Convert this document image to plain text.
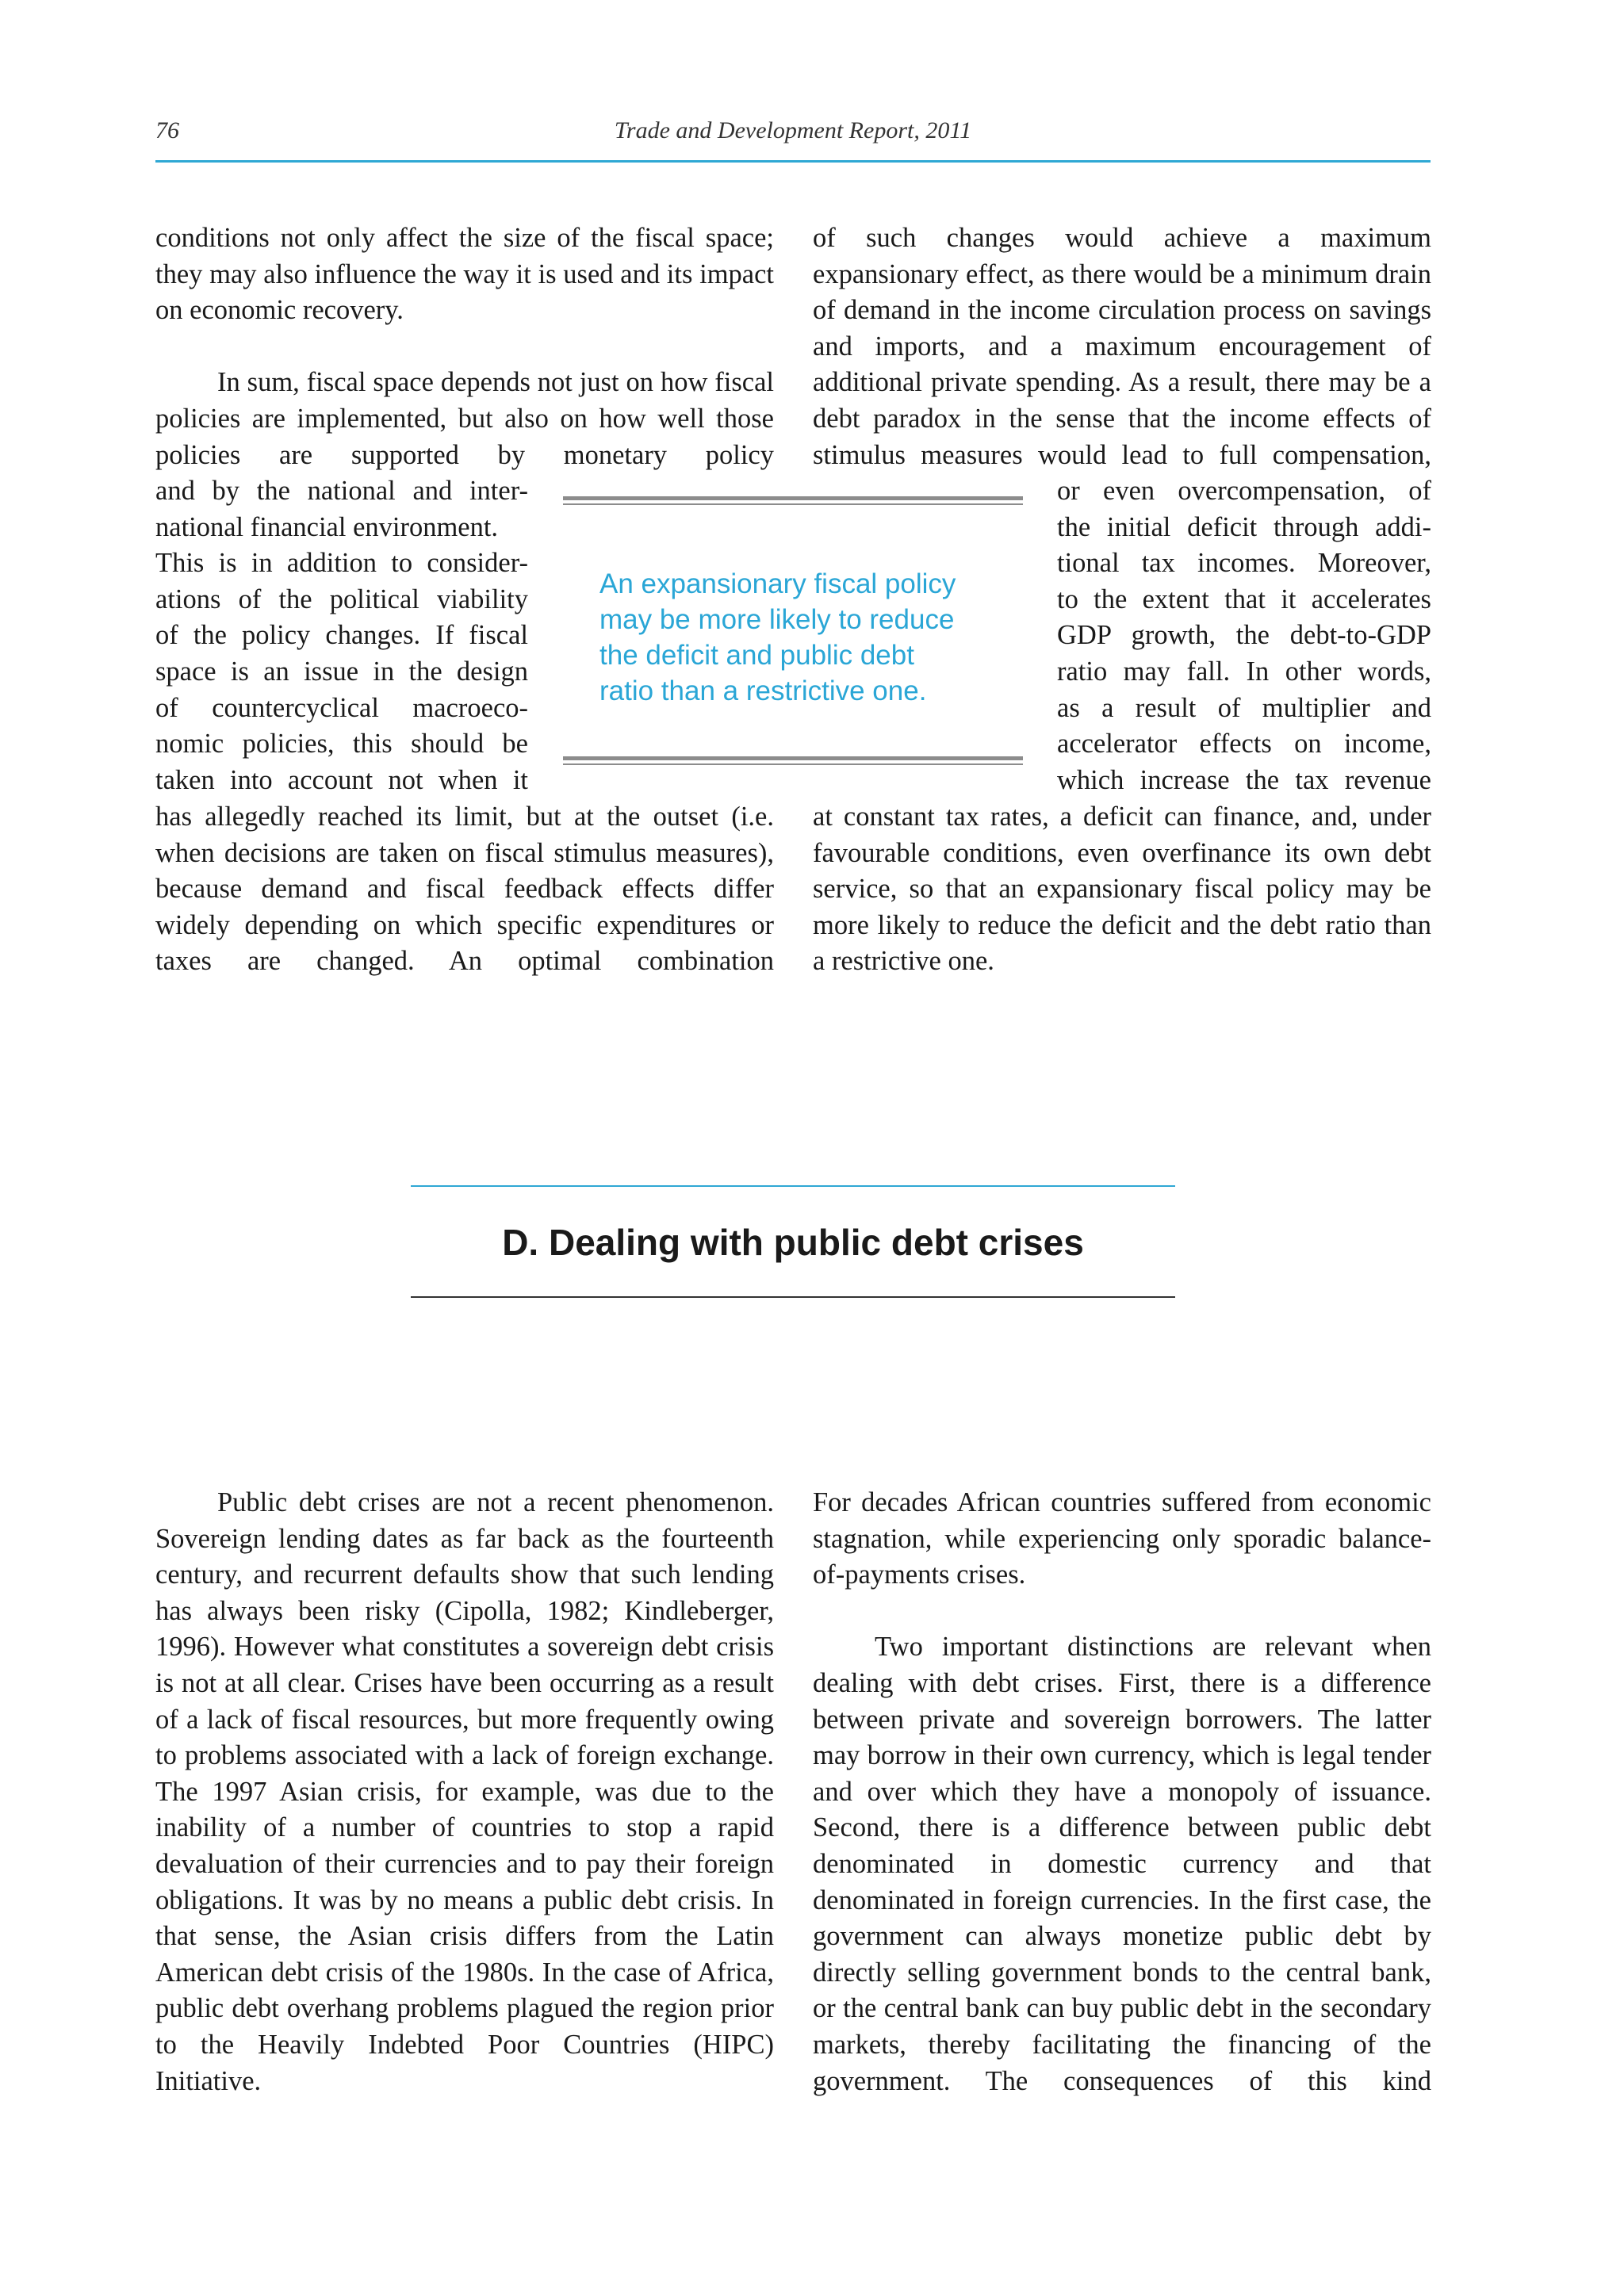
76	Trade and Development Report, 2011

conditions not only affect the size of the fiscal space; they may also influence the way it is used and its impact on economic recovery.

In sum, fiscal space depends not just on how fiscal policies are implemented, but also on how well those policies are supported by monetary policy

and by the national and inter-
national financial environment.
This is in addition to consider-
ations of the political viability
of the policy changes. If fiscal
space is an issue in the design
of countercyclical macroeco-
nomic policies, this should be
taken into account not when it

has allegedly reached its limit, but at the outset (i.e. when decisions are taken on fiscal stimulus measures), because demand and fiscal feedback effects differ widely depending on which specific expenditures or taxes are changed. An optimal combination

of such changes would achieve a maximum expansionary effect, as there would be a minimum drain of demand in the income circulation process on savings and imports, and a maximum encouragement of additional private spending. As a result, there may be a debt paradox in the sense that the income effects of stimulus measures would lead to full compensation,

or even overcompensation, of
the initial deficit through addi-
tional tax incomes. Moreover,
to the extent that it accelerates
GDP growth, the debt-to-GDP
ratio may fall. In other words,
as a result of multiplier and
accelerator effects on income,
which increase the tax revenue

at constant tax rates, a deficit can finance, and, under favourable conditions, even overfinance its own debt service, so that an expansionary fiscal policy may be more likely to reduce the deficit and the debt ratio than a restrictive one.

An expansionary fiscal policy
may be more likely to reduce
the deficit and public debt
ratio than a restrictive one.
D. Dealing with public debt crises

Public debt crises are not a recent phenomenon. Sovereign lending dates as far back as the fourteenth century, and recurrent defaults show that such lending has always been risky (Cipolla, 1982; Kindleberger, 1996). However what constitutes a sovereign debt crisis is not at all clear. Crises have been occurring as a result of a lack of fiscal resources, but more frequently owing to problems associated with a lack of foreign exchange. The 1997 Asian crisis, for example, was due to the inability of a number of countries to stop a rapid devaluation of their currencies and to pay their foreign obligations. It was by no means a public debt crisis. In that sense, the Asian crisis differs from the Latin American debt crisis of the 1980s. In the case of Africa, public debt overhang problems plagued the region prior to the Heavily Indebted Poor Countries (HIPC) Initiative.

For decades African countries suffered from economic stagnation, while experiencing only sporadic balance-of-payments crises.

Two important distinctions are relevant when dealing with debt crises. First, there is a difference between private and sovereign borrowers. The latter may borrow in their own currency, which is legal tender and over which they have a monopoly of issuance. Second, there is a difference between public debt denominated in domestic currency and that denominated in foreign currencies. In the first case, the government can always monetize public debt by directly selling government bonds to the central bank, or the central bank can buy public debt in the secondary markets, thereby facilitating the financing of the government. The consequences of this kind
